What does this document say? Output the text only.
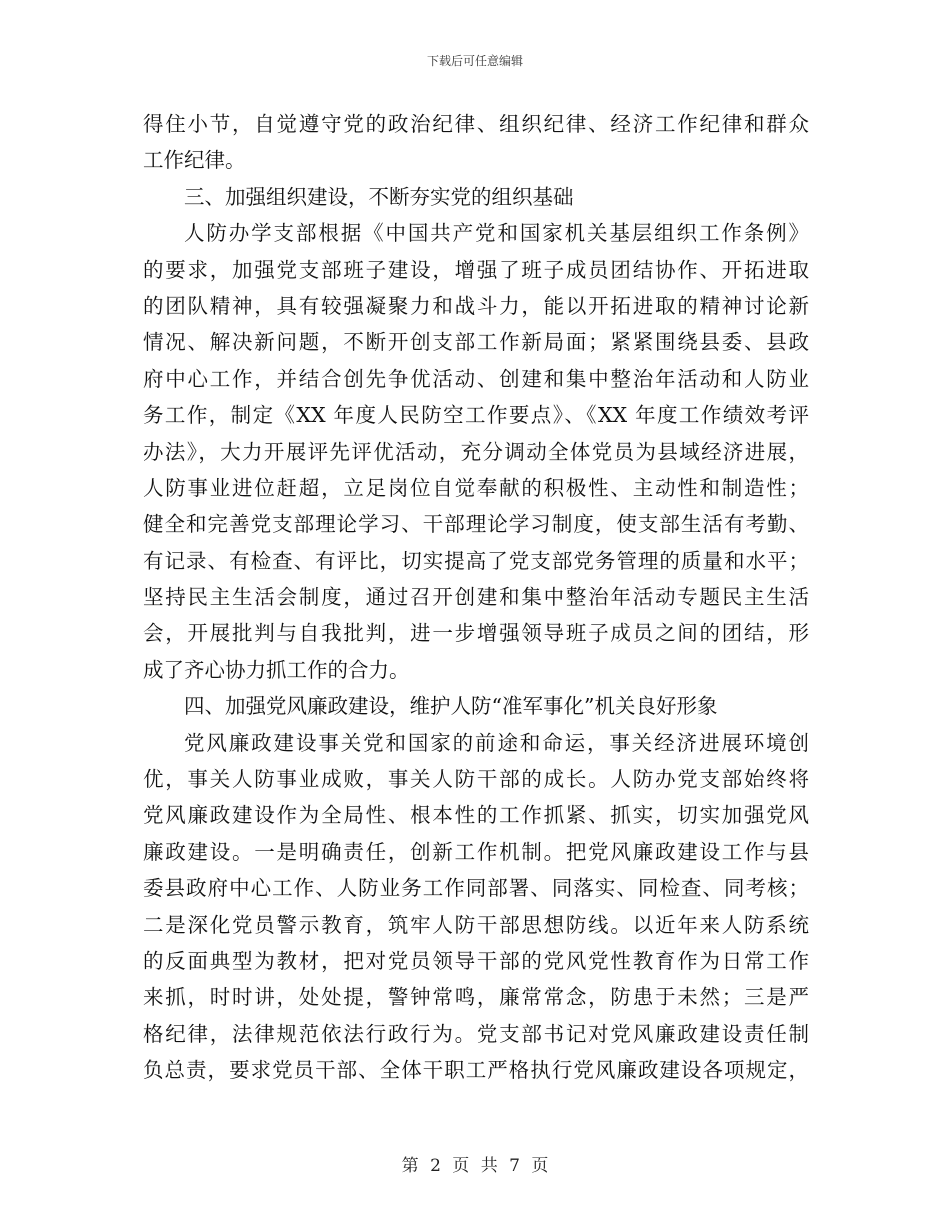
下载后可任意编辑
得住小节，自觉遵守党的政治纪律、组织纪律、经济工作纪律和群众
工作纪律。
三、加强组织建设，不断夯实党的组织基础
人防办学支部根据《中国共产党和国家机关基层组织工作条例》
的要求，加强党支部班子建设，增强了班子成员团结协作、开拓进取
的团队精神，具有较强凝聚力和战斗力，能以开拓进取的精神讨论新
情况、解决新问题，不断开创支部工作新局面；紧紧围绕县委、县政
府中心工作，并结合创先争优活动、创建和集中整治年活动和人防业
务工作，制定《XX 年度人民防空工作要点》、《XX 年度工作绩效考评
办法》，大力开展评先评优活动，充分调动全体党员为县域经济进展，
人防事业进位赶超，立足岗位自觉奉献的积极性、主动性和制造性；
健全和完善党支部理论学习、干部理论学习制度，使支部生活有考勤、
有记录、有检查、有评比，切实提高了党支部党务管理的质量和水平；
坚持民主生活会制度，通过召开创建和集中整治年活动专题民主生活
会，开展批判与自我批判，进一步增强领导班子成员之间的团结，形
成了齐心协力抓工作的合力。
四、加强党风廉政建设，维护人防“准军事化”机关良好形象
党风廉政建设事关党和国家的前途和命运，事关经济进展环境创
优，事关人防事业成败，事关人防干部的成长。人防办党支部始终将
党风廉政建设作为全局性、根本性的工作抓紧、抓实，切实加强党风
廉政建设。一是明确责任，创新工作机制。把党风廉政建设工作与县
委县政府中心工作、人防业务工作同部署、同落实、同检查、同考核；
二是深化党员警示教育，筑牢人防干部思想防线。以近年来人防系统
的反面典型为教材，把对党员领导干部的党风党性教育作为日常工作
来抓，时时讲，处处提，警钟常鸣，廉常常念，防患于未然；三是严
格纪律，法律规范依法行政行为。党支部书记对党风廉政建设责任制
负总责，要求党员干部、全体干职工严格执行党风廉政建设各项规定，
第 2 页 共 7 页
